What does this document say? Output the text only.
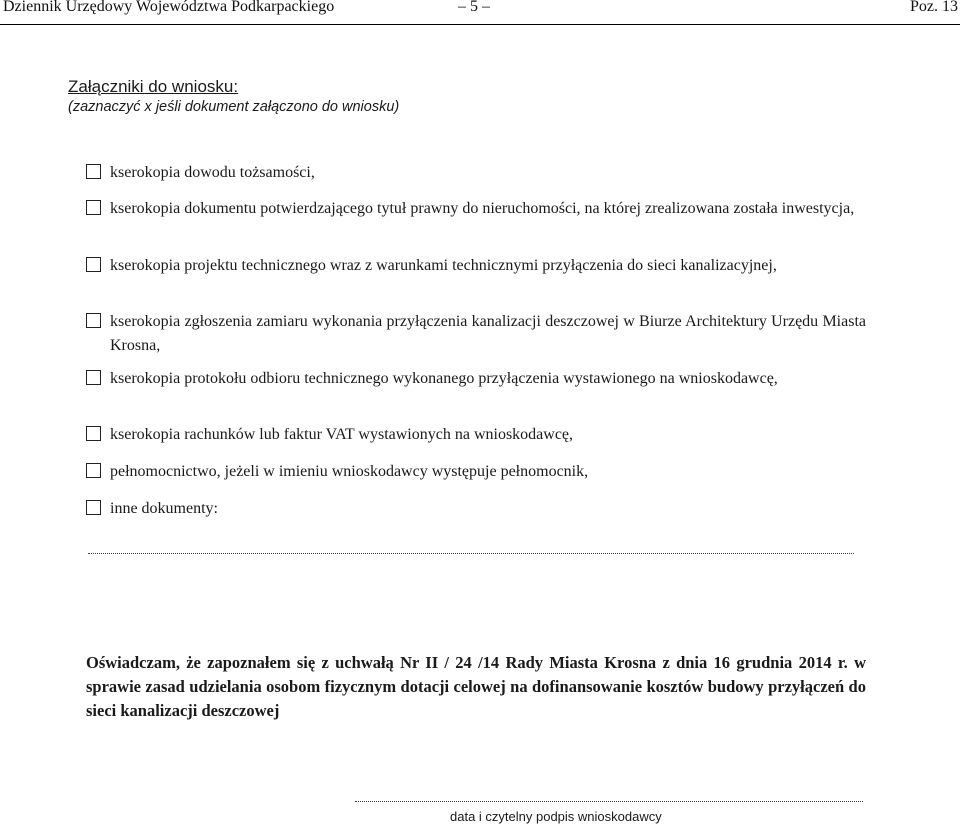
Dziennik Urzędowy Województwa Podkarpackiego	– 5 –	Poz. 13
Załączniki do wniosku:
(zaznaczyć x jeśli dokument załączono do wniosku)
kserokopia dowodu tożsamości,
kserokopia dokumentu potwierdzającego tytuł prawny do nieruchomości, na której zrealizowana została inwestycja,
kserokopia projektu technicznego wraz z warunkami technicznymi przyłączenia do sieci kanalizacyjnej,
kserokopia zgłoszenia zamiaru wykonania przyłączenia kanalizacji deszczowej w Biurze Architektury Urzędu Miasta Krosna,
kserokopia protokołu odbioru technicznego wykonanego przyłączenia wystawionego na wnioskodawcę,
kserokopia rachunków lub faktur VAT wystawionych na wnioskodawcę,
pełnomocnictwo, jeżeli w imieniu wnioskodawcy występuje pełnomocnik,
inne dokumenty:
Oświadczam, że zapoznałem się z uchwałą Nr II / 24 /14 Rady Miasta Krosna z dnia 16 grudnia 2014 r. w sprawie zasad udzielania osobom fizycznym dotacji celowej na dofinansowanie kosztów budowy przyłączeń do sieci kanalizacji deszczowej
data i czytelny podpis wnioskodawcy
